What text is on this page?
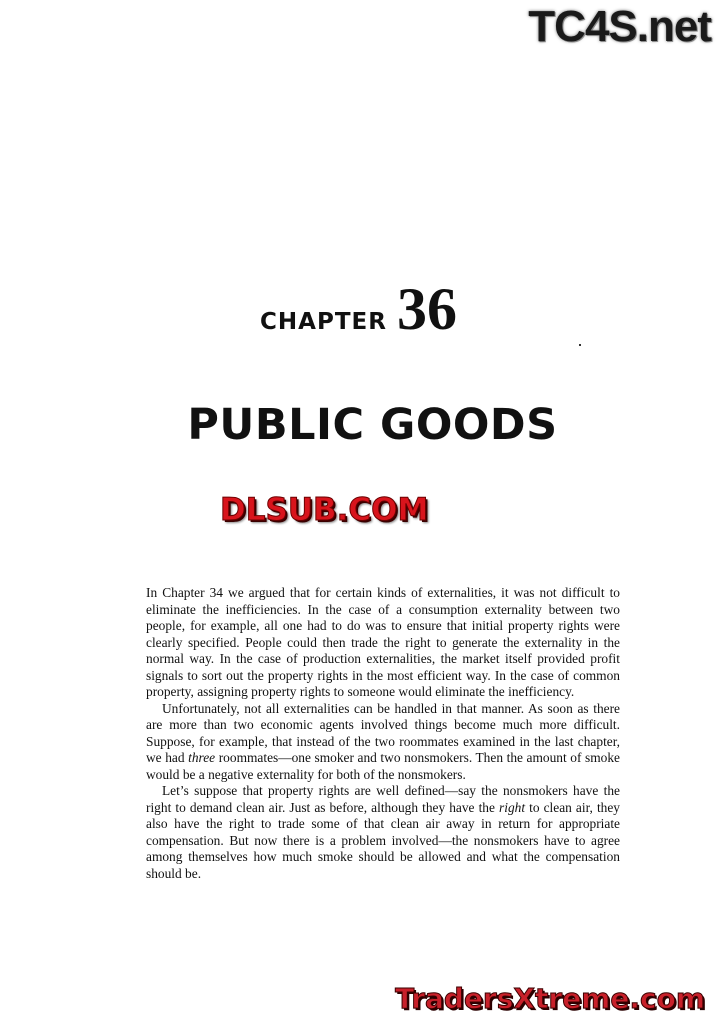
TC4S.net
CHAPTER 36
PUBLIC GOODS
DLSUB.COM

In Chapter 34 we argued that for certain kinds of externalities, it was not difficult to eliminate the inefficiencies. In the case of a consumption externality between two people, for example, all one had to do was to ensure that initial property rights were clearly specified. People could then trade the right to generate the externality in the normal way. In the case of production externalities, the market itself provided profit signals to sort out the property rights in the most efficient way. In the case of common property, assigning property rights to someone would eliminate the inefficiency.

Unfortunately, not all externalities can be handled in that manner. As soon as there are more than two economic agents involved things become much more difficult. Suppose, for example, that instead of the two roommates examined in the last chapter, we had three roommates—one smoker and two nonsmokers. Then the amount of smoke would be a negative externality for both of the nonsmokers.

Let’s suppose that property rights are well defined—say the nonsmokers have the right to demand clean air. Just as before, although they have the right to clean air, they also have the right to trade some of that clean air away in return for appropriate compensation. But now there is a problem involved—the nonsmokers have to agree among themselves how much smoke should be allowed and what the compensation should be.

TradersXtreme.com
